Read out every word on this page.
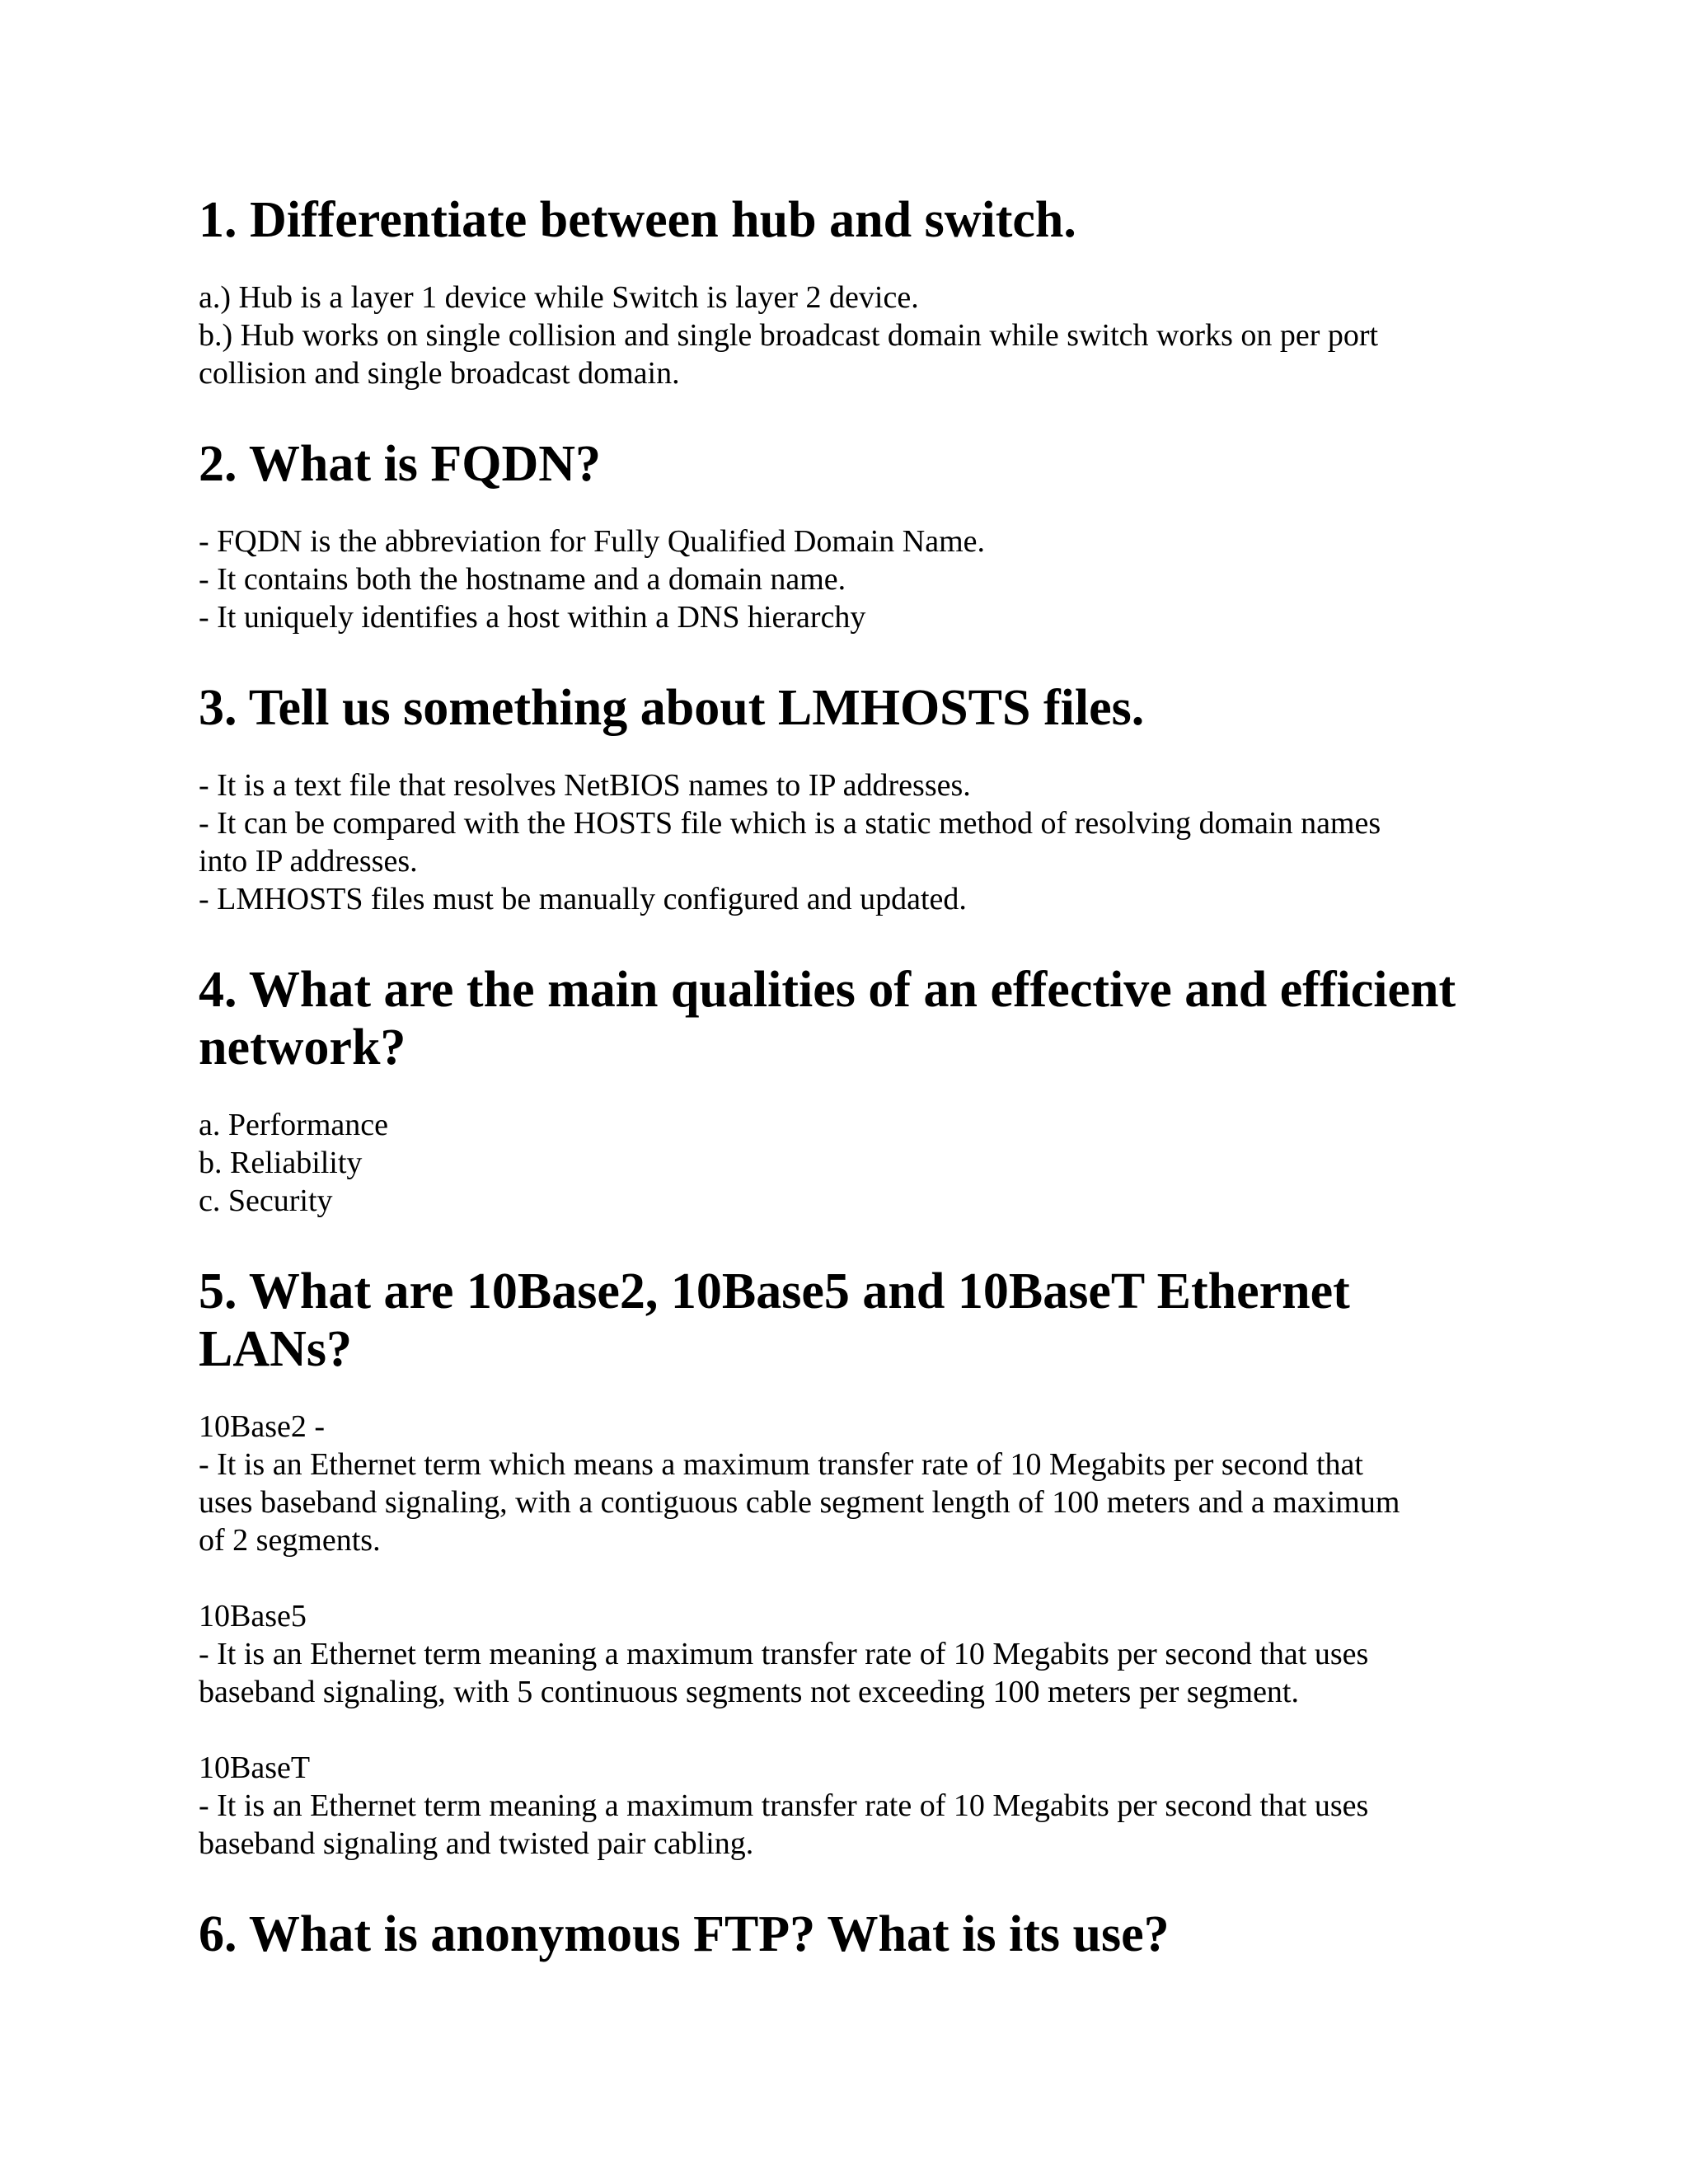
1. Differentiate between hub and switch.

a.) Hub is a layer 1 device while Switch is layer 2 device.

b.) Hub works on single collision and single broadcast domain while switch works on per port

collision and single broadcast domain.

2. What is FQDN?

- FQDN is the abbreviation for Fully Qualified Domain Name.

- It contains both the hostname and a domain name.

- It uniquely identifies a host within a DNS hierarchy

3. Tell us something about LMHOSTS files.

- It is a text file that resolves NetBIOS names to IP addresses.

- It can be compared with the HOSTS file which is a static method of resolving domain names

into IP addresses.

- LMHOSTS files must be manually configured and updated.

4. What are the main qualities of an effective and efficient
network?

a. Performance

b. Reliability

c. Security

5. What are 10Base2, 10Base5 and 10BaseT Ethernet LANs?

10Base2 -

- It is an Ethernet term which means a maximum transfer rate of 10 Megabits per second that

uses baseband signaling, with a contiguous cable segment length of 100 meters and a maximum

of 2 segments.

10Base5

- It is an Ethernet term meaning a maximum transfer rate of 10 Megabits per second that uses

baseband signaling, with 5 continuous segments not exceeding 100 meters per segment.

10BaseT

- It is an Ethernet term meaning a maximum transfer rate of 10 Megabits per second that uses

baseband signaling and twisted pair cabling.

6. What is anonymous FTP? What is its use?
